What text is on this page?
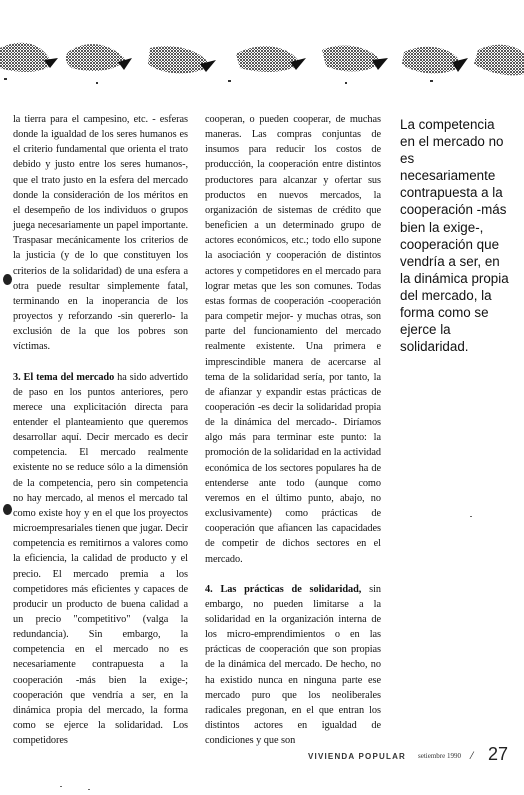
la tierra para el campesino, etc. - esferas donde la igualdad de los seres humanos es el criterio fundamental que orienta el trato debido y justo entre los seres humanos-, que el trato justo en la esfera del mercado donde la consideración de los méritos en el desempeño de los individuos o grupos juega necesariamente un papel importante. Traspasar mecánicamente los criterios de la justicia (y de lo que constituyen los criterios de la solidaridad) de una esfera a otra puede resultar simplemente fatal, terminando en la inoperancia de los proyectos y reforzando -sin quererlo- la exclusión de la que los pobres son víctimas.

3. El tema del mercado ha sido advertido de paso en los puntos anteriores, pero merece una explicitación directa para entender el planteamiento que queremos desarrollar aquí. Decir mercado es decir competencia. El mercado realmente existente no se reduce sólo a la dimensión de la competencia, pero sin competencia no hay mercado, al menos el mercado tal como existe hoy y en el que los proyectos microempresariales tienen que jugar. Decir competencia es remitirnos a valores como la eficiencia, la calidad de producto y el precio. El mercado premia a los competidores más eficientes y capaces de producir un producto de buena calidad a un precio "competitivo" (valga la redundancia). Sin embargo, la competencia en el mercado no es necesariamente contrapuesta a la cooperación -más bien la exige-; cooperación que vendría a ser, en la dinámica propia del mercado, la forma como se ejerce la solidaridad. Los competidores

cooperan, o pueden cooperar, de muchas maneras. Las compras conjuntas de insumos para reducir los costos de producción, la cooperación entre distintos productores para alcanzar y ofertar sus productos en nuevos mercados, la organización de sistemas de crédito que beneficien a un determinado grupo de actores económicos, etc.; todo ello supone la asociación y cooperación de distintos actores y competidores en el mercado para lograr metas que les son comunes. Todas estas formas de cooperación -cooperación para competir mejor- y muchas otras, son parte del funcionamiento del mercado realmente existente. Una primera e imprescindible manera de acercarse al tema de la solidaridad sería, por tanto, la de afianzar y expandir estas prácticas de cooperación -es decir la solidaridad propia de la dinámica del mercado-. Diríamos algo más para terminar este punto: la promoción de la solidaridad en la actividad económica de los sectores populares ha de entenderse ante todo (aunque como veremos en el último punto, abajo, no exclusivamente) como prácticas de cooperación que afiancen las capacidades de competir de dichos sectores en el mercado.

4. Las prácticas de solidaridad, sin embargo, no pueden limitarse a la solidaridad en la organización interna de los micro-emprendimientos o en las prácticas de cooperación que son propias de la dinámica del mercado. De hecho, no ha existido nunca en ninguna parte ese mercado puro que los neoliberales radicales pregonan, en el que entran los distintos actores en igualdad de condiciones y que son

La competencia en el mercado no es necesariamente contrapuesta a la cooperación -más bien la exige-, cooperación que vendría a ser, en la dinámica propia del mercado, la forma como se ejerce la solidaridad.
VIVIENDA POPULAR setiembre 1990 / 27
